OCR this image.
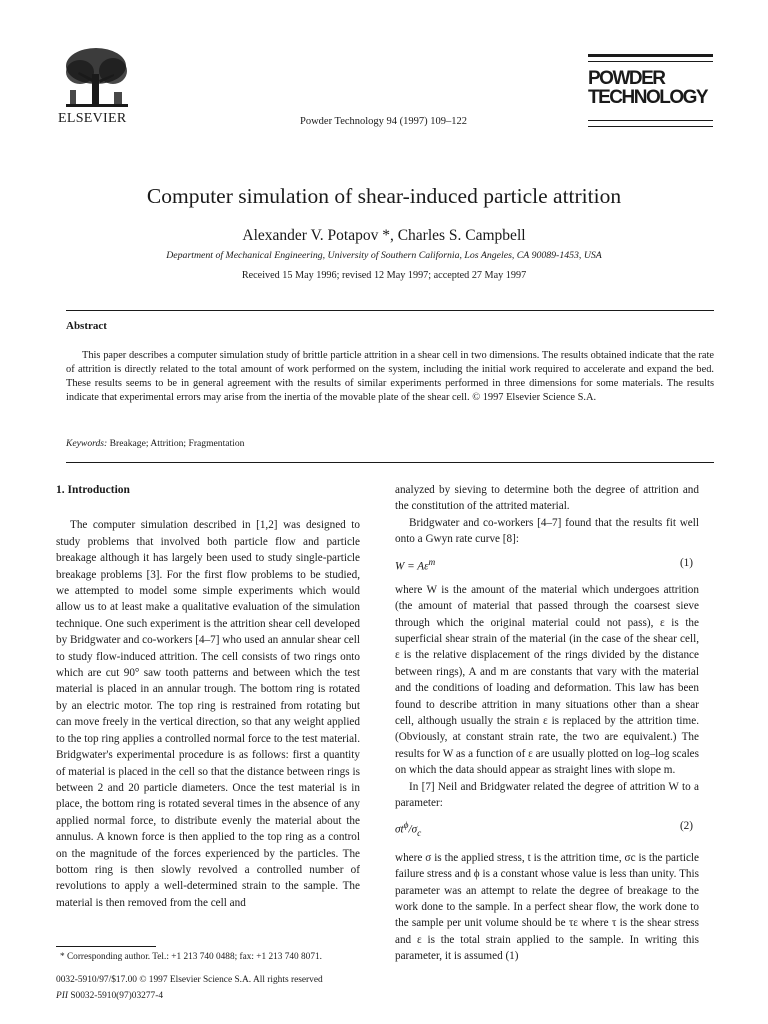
ELSEVIER	Powder Technology 94 (1997) 109–122
POWDER
TECHNOLOGY
Computer simulation of shear-induced particle attrition
Alexander V. Potapov *, Charles S. Campbell
Department of Mechanical Engineering, University of Southern California, Los Angeles, CA 90089-1453, USA
Received 15 May 1996; revised 12 May 1997; accepted 27 May 1997
Abstract

This paper describes a computer simulation study of brittle particle attrition in a shear cell in two dimensions. The results obtained indicate that the rate of attrition is directly related to the total amount of work performed on the system, including the initial work required to accelerate and expand the bed. These results seems to be in general agreement with the results of similar experiments performed in three dimensions for some materials. The results indicate that experimental errors may arise from the inertia of the movable plate of the shear cell. © 1997 Elsevier Science S.A.

Keywords: Breakage; Attrition; Fragmentation

1. Introduction

The computer simulation described in [1,2] was designed to study problems that involved both particle flow and particle breakage although it has largely been used to study single-particle breakage problems [3]. For the first flow problems to be studied, we attempted to model some simple experiments which would allow us to at least make a qualitative evaluation of the simulation technique. One such experiment is the attrition shear cell developed by Bridgwater and co-workers [4–7] who used an annular shear cell to study flow-induced attrition. The cell consists of two rings onto which are cut 90° saw tooth patterns and between which the test material is placed in an annular trough. The bottom ring is rotated by an electric motor. The top ring is restrained from rotating but can move freely in the vertical direction, so that any weight applied to the top ring applies a controlled normal force to the test material. Bridgwater's experimental procedure is as follows: first a quantity of material is placed in the cell so that the distance between rings is between 2 and 20 particle diameters. Once the test material is in place, the bottom ring is rotated several times in the absence of any applied normal force, to distribute evenly the material about the annulus. A known force is then applied to the top ring as a control on the magnitude of the forces experienced by the particles. The bottom ring is then slowly revolved a controlled number of revolutions to apply a well-determined strain to the sample. The material is then removed from the cell and

analyzed by sieving to determine both the degree of attrition and the constitution of the attrited material.

Bridgwater and co-workers [4–7] found that the results fit well onto a Gwyn rate curve [8]:

$W = A\varepsilon^m$	(1)

where W is the amount of the material which undergoes attrition (the amount of material that passed through the coarsest sieve through which the original material could not pass), ε is the superficial shear strain of the material (in the case of the shear cell, ε is the relative displacement of the rings divided by the distance between rings), A and m are constants that vary with the material and the conditions of loading and deformation. This law has been found to describe attrition in many situations other than a shear cell, although usually the strain ε is replaced by the attrition time. (Obviously, at constant strain rate, the two are equivalent.) The results for W as a function of ε are usually plotted on log–log scales on which the data should appear as straight lines with slope m.

In [7] Neil and Bridgwater related the degree of attrition W to a parameter:

$\sigma t^\phi/\sigma_c$
(2)

where σ is the applied stress, t is the attrition time, σc is the particle failure stress and ϕ is a constant whose value is less than unity. This parameter was an attempt to relate the degree of breakage to the work done to the sample. In a perfect shear flow, the work done to the sample per unit volume should be τε where τ is the shear stress and ε is the total strain applied to the sample. In writing this parameter, it is assumed (1)

* Corresponding author. Tel.: +1 213 740 0488; fax: +1 213 740 8071.
0032-5910/97/$17.00 © 1997 Elsevier Science S.A. All rights reserved
PII S0032-5910(97)03277-4
